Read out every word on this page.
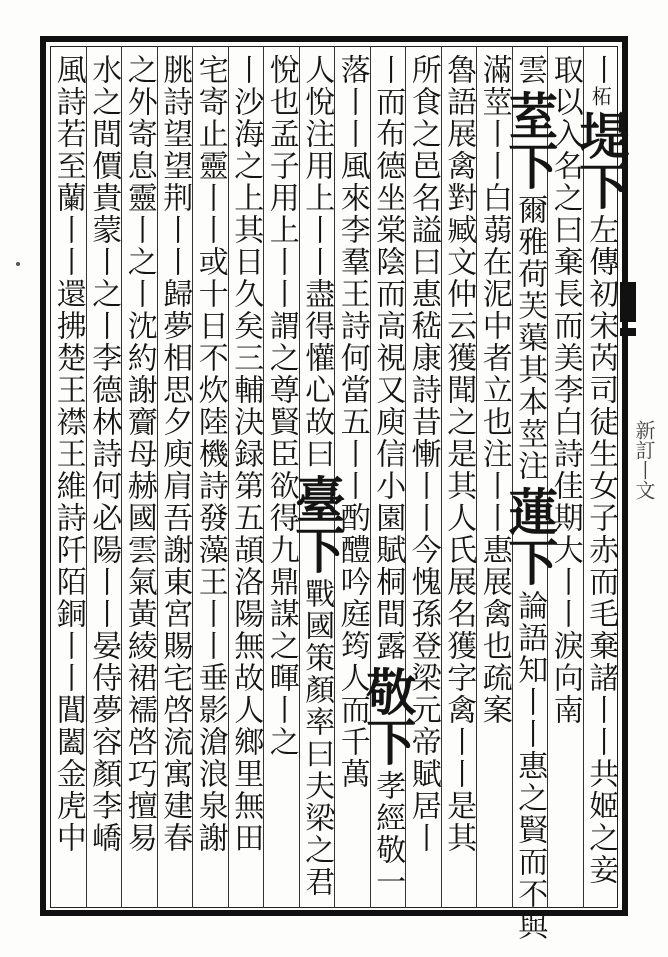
丨
柘
堤下
左傳初宋芮司徒生女子赤而毛棄諸丨丨共姬之妾
取以入名之曰棄長而美李白詩佳期大丨丨淚向南
雲
荎下
爾雅荷芙蕖其本莖注
蓮下
論語知丨丨惠之賢而不與
滿
莖丨丨白蒻在泥中者
立也注丨丨惠展禽也疏案
魯語展禽對臧文仲云獲聞之是其人氏展名獲字禽丨丨是其
所食之邑名謚曰惠嵇康詩昔慚丨丨今愧孫登梁元帝賦居丨
丨而布德坐棠陰而高視又庾信小園賦桐間露
敬下
孝經敬一
落丨丨風來李羣王詩何當五丨丨酌醴吟庭筠
人而千萬
人悅注用上丨丨盡得懽心故曰
臺下
戰國策顏率曰夫梁之君
悅也孟子用上丨丨謂之尊賢
臣欲得九鼎謀之暉丨之
丨沙海之上其日久矣三輔決録第五頡洛陽無故人鄉里無田
宅寄止靈丨丨或十日不炊陸機詩發藻王丨丨垂影滄浪泉謝
朓詩望望荆丨丨歸夢相思夕庾肩吾謝東宮賜宅啓流寓建春
之外寄息靈丨之丨沈約謝齎母赫國雲氣黃綾裙襦啓巧擅易
水之間價貴蒙丨之丨李德林詩何必陽丨丨晏侍夢容顏李嶠
風詩若至蘭丨丨還拂楚王襟王維詩阡陌銅丨丨閶闔金虎中	新訂丨文
